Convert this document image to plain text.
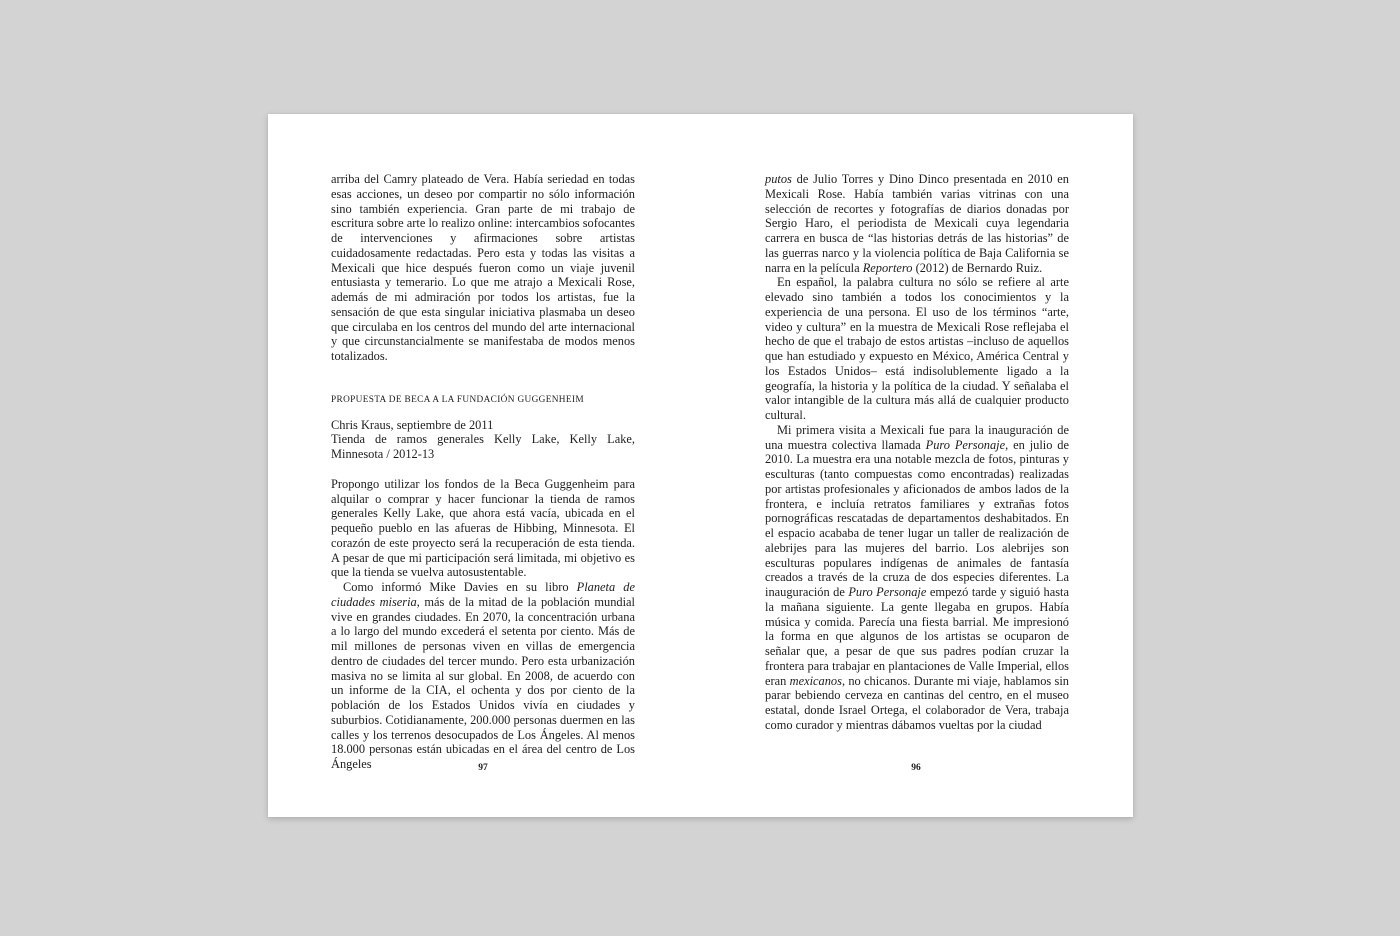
arriba del Camry plateado de Vera. Había seriedad en todas esas acciones, un deseo por compartir no sólo información sino también experiencia. Gran parte de mi trabajo de escritura sobre arte lo realizo online: intercambios sofocantes de intervenciones y afirmaciones sobre artistas cuidadosamente redactadas. Pero esta y todas las visitas a Mexicali que hice después fueron como un viaje juvenil entusiasta y temerario. Lo que me atrajo a Mexicali Rose, además de mi admiración por todos los artistas, fue la sensación de que esta singular iniciativa plasmaba un deseo que circulaba en los centros del mundo del arte internacional y que circunstancialmente se manifestaba de modos menos totalizados.

PROPUESTA DE BECA A LA FUNDACIÓN GUGGENHEIM
Chris Kraus, septiembre de 2011
Tienda de ramos generales Kelly Lake, Kelly Lake, Minnesota / 2012-13

Propongo utilizar los fondos de la Beca Guggenheim para alquilar o comprar y hacer funcionar la tienda de ramos generales Kelly Lake, que ahora está vacía, ubicada en el pequeño pueblo en las afueras de Hibbing, Minnesota. El corazón de este proyecto será la recuperación de esta tienda. A pesar de que mi participación será limitada, mi objetivo es que la tienda se vuelva autosustentable.

Como informó Mike Davies en su libro Planeta de ciudades miseria, más de la mitad de la población mundial vive en grandes ciudades. En 2070, la concentración urbana a lo largo del mundo excederá el setenta por ciento. Más de mil millones de personas viven en villas de emergencia dentro de ciudades del tercer mundo. Pero esta urbanización masiva no se limita al sur global. En 2008, de acuerdo con un informe de la CIA, el ochenta y dos por ciento de la población de los Estados Unidos vivía en ciudades y suburbios. Cotidianamente, 200.000 personas duermen en las calles y los terrenos desocupados de Los Ángeles. Al menos 18.000 personas están ubicadas en el área del centro de Los Ángeles

putos de Julio Torres y Dino Dinco presentada en 2010 en Mexicali Rose. Había también varias vitrinas con una selección de recortes y fotografías de diarios donadas por Sergio Haro, el periodista de Mexicali cuya legendaria carrera en busca de “las historias detrás de las historias” de las guerras narco y la violencia política de Baja California se narra en la película Reportero (2012) de Bernardo Ruiz.

En español, la palabra cultura no sólo se refiere al arte elevado sino también a todos los conocimientos y la experiencia de una persona. El uso de los términos “arte, video y cultura” en la muestra de Mexicali Rose reflejaba el hecho de que el trabajo de estos artistas –incluso de aquellos que han estudiado y expuesto en México, América Central y los Estados Unidos– está indisolublemente ligado a la geografía, la historia y la política de la ciudad. Y señalaba el valor intangible de la cultura más allá de cualquier producto cultural.

Mi primera visita a Mexicali fue para la inauguración de una muestra colectiva llamada Puro Personaje, en julio de 2010. La muestra era una notable mezcla de fotos, pinturas y esculturas (tanto compuestas como encontradas) realizadas por artistas profesionales y aficionados de ambos lados de la frontera, e incluía retratos familiares y extrañas fotos pornográficas rescatadas de departamentos deshabitados. En el espacio acababa de tener lugar un taller de realización de alebrijes para las mujeres del barrio. Los alebrijes son esculturas populares indígenas de animales de fantasía creados a través de la cruza de dos especies diferentes. La inauguración de Puro Personaje empezó tarde y siguió hasta la mañana siguiente. La gente llegaba en grupos. Había música y comida. Parecía una fiesta barrial. Me impresionó la forma en que algunos de los artistas se ocuparon de señalar que, a pesar de que sus padres podían cruzar la frontera para trabajar en plantaciones de Valle Imperial, ellos eran mexicanos, no chicanos. Durante mi viaje, hablamos sin parar bebiendo cerveza en cantinas del centro, en el museo estatal, donde Israel Ortega, el colaborador de Vera, trabaja como curador y mientras dábamos vueltas por la ciudad

97	96
